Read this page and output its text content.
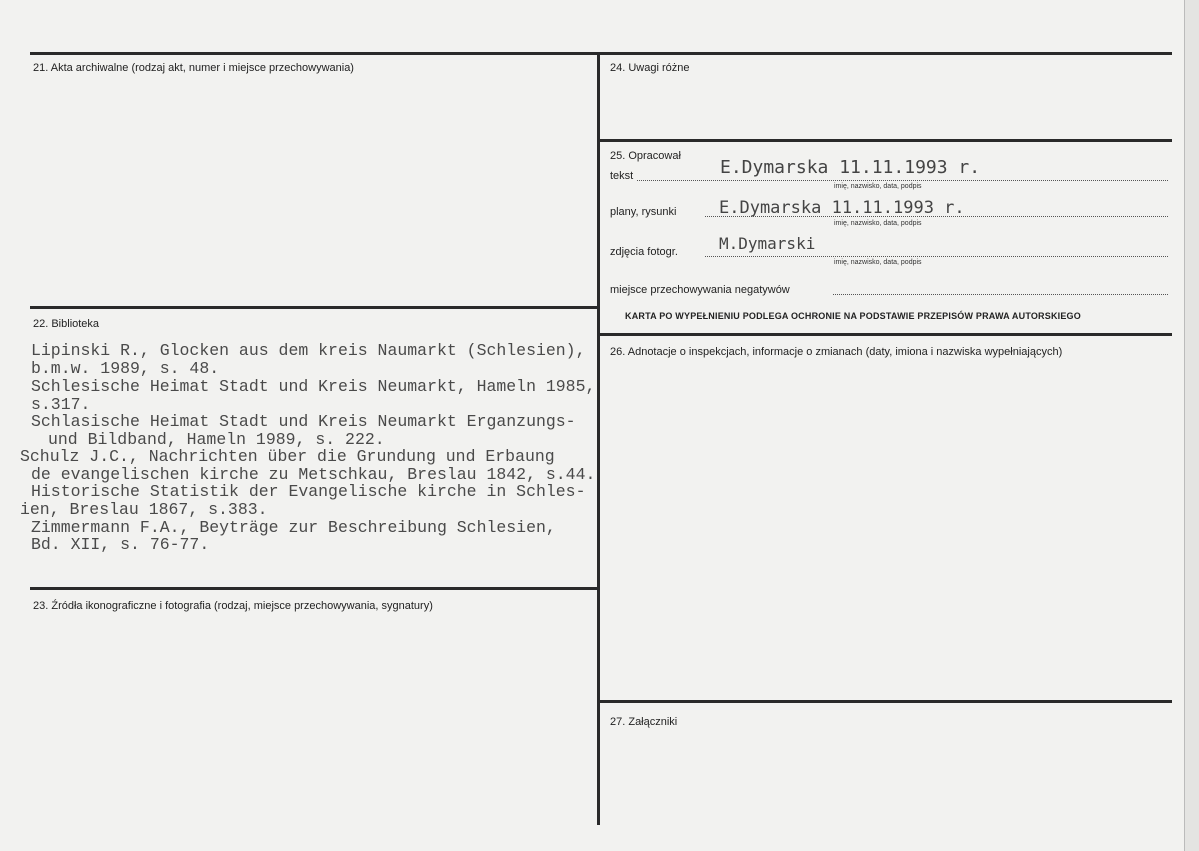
21. Akta archiwalne (rodzaj akt, numer i miejsce przechowywania)
22. Biblioteka
Lipinski R., Glocken aus dem kreis Naumarkt (Schlesien),
b.m.w. 1989, s. 48.
Schlesische Heimat Stadt und Kreis Neumarkt, Hameln 1985,
s.317.
Schlasische Heimat Stadt und Kreis Neumarkt Erganzungs-
und Bildband, Hameln 1989, s. 222.
Schulz J.C., Nachrichten über die Grundung und Erbaung
de evangelischen kirche zu Metschkau, Breslau 1842, s.44.
Historische Statistik der Evangelische kirche in Schles-
ien, Breslau 1867, s.383.
Zimmermann F.A., Beyträge zur Beschreibung Schlesien,
Bd. XII, s. 76-77.
23. Źródła ikonograficzne i fotografia (rodzaj, miejsce przechowywania, sygnatury)
24. Uwagi różne
25. Opracował
tekst	E.Dymarska 11.11.1993 r.
imię, nazwisko, data, podpis
plany, rysunki	E.Dymarska 11.11.1993 r.
imię, nazwisko, data, podpis
zdjęcia fotogr.	M.Dymarski
imię, nazwisko, data, podpis
miejsce przechowywania negatywów
KARTA PO WYPEŁNIENIU PODLEGA OCHRONIE NA PODSTAWIE PRZEPISÓW PRAWA AUTORSKIEGO
26. Adnotacje o inspekcjach, informacje o zmianach (daty, imiona i nazwiska wypełniających)
27. Załączniki
